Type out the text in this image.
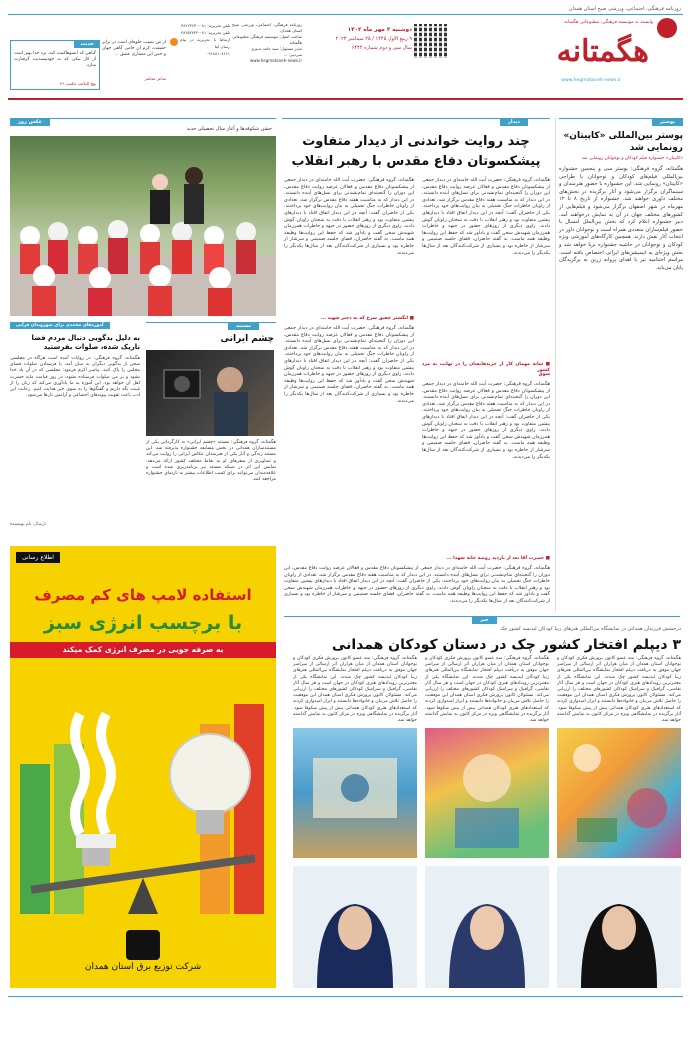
روزنامه فرهنگی، اجتماعی، ورزشی صبح استان همدان
وابسته به موسسه فرهنگی، مطبوعاتی هگمتانه
هگمتانه
www.hegmataneh-news.ir
دوشنبه ۳ مهر ماه ۱۴۰۲
۹ ربیع الاول ۱۴۴۵ / ۲۵ سپتامبر ۲۰۲۳
سال سی و دوم شماره ۶۴۴۴
روزنامه فرهنگی، اجتماعی، ورزشی صبح استان همدان
صاحب امتیاز: موسسه فرهنگی مطبوعاتی هگمتانه
مدیر مسئول: سید حامد تدبیری
سردبیر: ...
www.hegmataneh-news.ir
تلفن تحریریه: ۰۸۱-۳۸۲۶۳۶۳۰
تلفن تحریریه: ۰۸۱-۳۸۲۵۲۷۴۲
ارتباط با تحریریه در پیام رسان ایتا
۰۹۱۸۸۱۰۸۶۶۱
حدیث
گناهی که انسوهاکننت کند، نزد خدا بهتر است از کار نیکی که به خودپسندیت گرفتارت سازد.
نهج البلاغه، حکمت ۴۶
از من نصیب جلوه‌ای است در برابر حقیقت، کرم ان حامی گاهی جهان و حس این معماری عشق ...
شاعر معاصر
پوستر
پوستر بین‌المللی «کاپیتان» رونمایی شد
«کاپیتان» جشنواره فیلم کودکان و نوجوانان رونمایی شد
هگمتانه، گروه فرهنگی: پوستر سی و پنجمین جشنواره بین‌المللی فیلم‌های کودکان و نوجوانان با طراحی «کاپیتان» رونمایی شد. این جشنواره با حضور هنرمندان و سینماگران برگزار می‌شود و آثار برگزیده در بخش‌های مختلف داوری خواهند شد. جشنواره از تاریخ ۸ تا ۱۲ مهرماه در شهر اصفهان برگزار می‌شود و فیلم‌هایی از کشورهای مختلف جهان در آن به نمایش درخواهند آمد. دبیر جشنواره اعلام کرد که بخش بین‌الملل امسال با حضور فیلم‌سازان متعددی همراه است و نوجوانان داور در انتخاب آثار نقش دارند. همچنین کارگاه‌های آموزشی ویژه کودکان و نوجوانان در حاشیه جشنواره برپا خواهد شد و بخش ویژه‌ای به انیمیشن‌های ایرانی اختصاص یافته است. مراسم اختتامیه نیز با اهدای پروانه زرین به برگزیدگان پایان می‌یابد.
دیدار
چند روایت خواندنی از دیدار متفاوت
پیشکسوتان دفاع مقدس با رهبر انقلاب
هگمتانه، گروه فرهنگی: حضرت آیت الله خامنه‌ای در دیدار جمعی از پیشکسوتان دفاع مقدس و فعالان عرصه روایت دفاع مقدس، این دوران را گنجینه‌ای تمام‌نشدنی برای نسل‌های آینده دانستند. در این دیدار که به مناسبت هفته دفاع مقدس برگزار شد، تعدادی از راویان خاطرات جنگ تحمیلی به بیان روایت‌های خود پرداختند. یکی از حاضران گفت: آنچه در این دیدار اتفاق افتاد با دیدارهای پیشین متفاوت بود و رهبر انقلاب با دقت به سخنان راویان گوش دادند. راوی دیگری از روزهای حضور در جبهه و خاطرات همرزمان شهیدش سخن گفت و یادآور شد که حفظ این روایت‌ها وظیفه همه ماست. به گفته حاضران، فضای جلسه صمیمی و سرشار از خاطره بود و بسیاری از شرکت‌کنندگان بعد از سال‌ها یکدیگر را می‌دیدند.
■ شانه مهمان کار از خریدهایشان را در نهایت به مرد کشور
شوق
هگمتانه، گروه فرهنگی: حضرت آیت الله خامنه‌ای در دیدار جمعی از پیشکسوتان دفاع مقدس و فعالان عرصه روایت دفاع مقدس، این دوران را گنجینه‌ای تمام‌نشدنی برای نسل‌های آینده دانستند. در این دیدار که به مناسبت هفته دفاع مقدس برگزار شد، تعدادی از راویان خاطرات جنگ تحمیلی به بیان روایت‌های خود پرداختند. یکی از حاضران گفت: آنچه در این دیدار اتفاق افتاد با دیدارهای پیشین متفاوت بود و رهبر انقلاب با دقت به سخنان راویان گوش دادند. راوی دیگری از روزهای حضور در جبهه و خاطرات همرزمان شهیدش سخن گفت و یادآور شد که حفظ این روایت‌ها وظیفه همه ماست. به گفته حاضران، فضای جلسه صمیمی و سرشار از خاطره بود و بسیاری از شرکت‌کنندگان بعد از سال‌ها یکدیگر را می‌دیدند.
هگمتانه، گروه فرهنگی: حضرت آیت الله خامنه‌ای در دیدار جمعی از پیشکسوتان دفاع مقدس و فعالان عرصه روایت دفاع مقدس، این دوران را گنجینه‌ای تمام‌نشدنی برای نسل‌های آینده دانستند. در این دیدار که به مناسبت هفته دفاع مقدس برگزار شد، تعدادی از راویان خاطرات جنگ تحمیلی به بیان روایت‌های خود پرداختند. یکی از حاضران گفت: آنچه در این دیدار اتفاق افتاد با دیدارهای پیشین متفاوت بود و رهبر انقلاب با دقت به سخنان راویان گوش دادند. راوی دیگری از روزهای حضور در جبهه و خاطرات همرزمان شهیدش سخن گفت و یادآور شد که حفظ این روایت‌ها وظیفه همه ماست. به گفته حاضران، فضای جلسه صمیمی و سرشار از خاطره بود و بسیاری از شرکت‌کنندگان بعد از سال‌ها یکدیگر را می‌دیدند.
■ انگشتر عقیق سرخ که به دختر شهید ...
هگمتانه، گروه فرهنگی: حضرت آیت الله خامنه‌ای در دیدار جمعی از پیشکسوتان دفاع مقدس و فعالان عرصه روایت دفاع مقدس، این دوران را گنجینه‌ای تمام‌نشدنی برای نسل‌های آینده دانستند. در این دیدار که به مناسبت هفته دفاع مقدس برگزار شد، تعدادی از راویان خاطرات جنگ تحمیلی به بیان روایت‌های خود پرداختند. یکی از حاضران گفت: آنچه در این دیدار اتفاق افتاد با دیدارهای پیشین متفاوت بود و رهبر انقلاب با دقت به سخنان راویان گوش دادند. راوی دیگری از روزهای حضور در جبهه و خاطرات همرزمان شهیدش سخن گفت و یادآور شد که حفظ این روایت‌ها وظیفه همه ماست. به گفته حاضران، فضای جلسه صمیمی و سرشار از خاطره بود و بسیاری از شرکت‌کنندگان بعد از سال‌ها یکدیگر را می‌دیدند.
■ حضرت آقا بعد از بازدید روضه خانه شهدا ...
هگمتانه، گروه فرهنگی: حضرت آیت الله خامنه‌ای در دیدار جمعی از پیشکسوتان دفاع مقدس و فعالان عرصه روایت دفاع مقدس، این دوران را گنجینه‌ای تمام‌نشدنی برای نسل‌های آینده دانستند. در این دیدار که به مناسبت هفته دفاع مقدس برگزار شد، تعدادی از راویان خاطرات جنگ تحمیلی به بیان روایت‌های خود پرداختند. یکی از حاضران گفت: آنچه در این دیدار اتفاق افتاد با دیدارهای پیشین متفاوت بود و رهبر انقلاب با دقت به سخنان راویان گوش دادند. راوی دیگری از روزهای حضور در جبهه و خاطرات همرزمان شهیدش سخن گفت و یادآور شد که حفظ این روایت‌ها وظیفه همه ماست. به گفته حاضران، فضای جلسه صمیمی و سرشار از خاطره بود و بسیاری از شرکت‌کنندگان بعد از سال‌ها یکدیگر را می‌دیدند.
عکس روز
جشن شکوفه‌ها و آغاز سال تحصیلی جدید
مستند
چشم ایرانی
هگمتانه، گروه فرهنگی: مستند «چشم ایرانی» به کارگردانی یکی از مستندسازان همدانی در بخش مسابقه جشنواره پذیرفته شد. این مستند زندگی و آثار یکی از هنرمندان عکاس ایرانی را روایت می‌کند و تصاویری از سفرهای او به نقاط مختلف کشور ارائه می‌دهد. نمایش این اثر در شبکه مستند نیز برنامه‌ریزی شده است و علاقه‌مندان می‌توانند برای کسب اطلاعات بیشتر به تارنمای جشنواره مراجعه کنند.
آموزه‌های محمدی برای شهروندان قرآنی
به دلیل بدگویی دنبال مردم فضا تاریک شده، صلوات بفرستید
هگمتانه، گروه فرهنگی: در روایات آمده است هرگاه در مجلسی سخن از بدگویی دیگران به میان آمد، با فرستادن صلوات فضای مجلس را پاک کنید. پیامبر اکرم فرمود: مجلسی که در آن یاد خدا نشود و بر من صلوات فرستاده نشود، در روز قیامت مایه حسرت اهل آن خواهد بود. این آموزه به ما یادآوری می‌کند که زبان را از غیبت نگه داریم و گفتگوها را به سوی خیر هدایت کنیم. رعایت این ادب باعث تقویت پیوندهای اجتماعی و آرامش دل‌ها می‌شود.
ارسال: نام نویسنده
اطلاع رسانی
استفاده لامپ های کم مصرف
با برچسب انرژی سبز
به صرفه جویی در مصرف انرژی کمک میکند
شرکت توزیع برق استان همدان
خبر
درخشش فرزندان همدانی در نمایشگاه بین‌المللی هنرهای زیبا کودکان لیدیسه کشور چک
۳ دیپلم افتخار کشور چک در دستان کودکان همدانی
هگمتانه، گروه فرهنگی: سه عضو کانون پرورش فکری کودکان و نوجوانان استان همدان از میان هزاران اثر ارسالی از سراسر جهان موفق به دریافت دیپلم افتخار نمایشگاه بین‌المللی هنرهای زیبا کودکان لیدیسه کشور چک شدند. این نمایشگاه یکی از معتبرترین رویدادهای هنری کودکان در جهان است و هر سال آثار نقاشی، گرافیک و سرامیک کودکان کشورهای مختلف را ارزیابی می‌کند. مسئولان کانون پرورش فکری استان همدان این موفقیت را حاصل تلاش مربیان و خانواده‌ها دانستند و ابراز امیدواری کردند که استعدادهای هنری کودکان همدانی بیش از پیش شکوفا شود. آثار برگزیده در نمایشگاهی ویژه در مرکز کانون به نمایش گذاشته خواهد شد.
هگمتانه، گروه فرهنگی: سه عضو کانون پرورش فکری کودکان و نوجوانان استان همدان از میان هزاران اثر ارسالی از سراسر جهان موفق به دریافت دیپلم افتخار نمایشگاه بین‌المللی هنرهای زیبا کودکان لیدیسه کشور چک شدند. این نمایشگاه یکی از معتبرترین رویدادهای هنری کودکان در جهان است و هر سال آثار نقاشی، گرافیک و سرامیک کودکان کشورهای مختلف را ارزیابی می‌کند. مسئولان کانون پرورش فکری استان همدان این موفقیت را حاصل تلاش مربیان و خانواده‌ها دانستند و ابراز امیدواری کردند که استعدادهای هنری کودکان همدانی بیش از پیش شکوفا شود. آثار برگزیده در نمایشگاهی ویژه در مرکز کانون به نمایش گذاشته خواهد شد.
هگمتانه، گروه فرهنگی: سه عضو کانون پرورش فکری کودکان و نوجوانان استان همدان از میان هزاران اثر ارسالی از سراسر جهان موفق به دریافت دیپلم افتخار نمایشگاه بین‌المللی هنرهای زیبا کودکان لیدیسه کشور چک شدند. این نمایشگاه یکی از معتبرترین رویدادهای هنری کودکان در جهان است و هر سال آثار نقاشی، گرافیک و سرامیک کودکان کشورهای مختلف را ارزیابی می‌کند. مسئولان کانون پرورش فکری استان همدان این موفقیت را حاصل تلاش مربیان و خانواده‌ها دانستند و ابراز امیدواری کردند که استعدادهای هنری کودکان همدانی بیش از پیش شکوفا شود. آثار برگزیده در نمایشگاهی ویژه در مرکز کانون به نمایش گذاشته خواهد شد.
